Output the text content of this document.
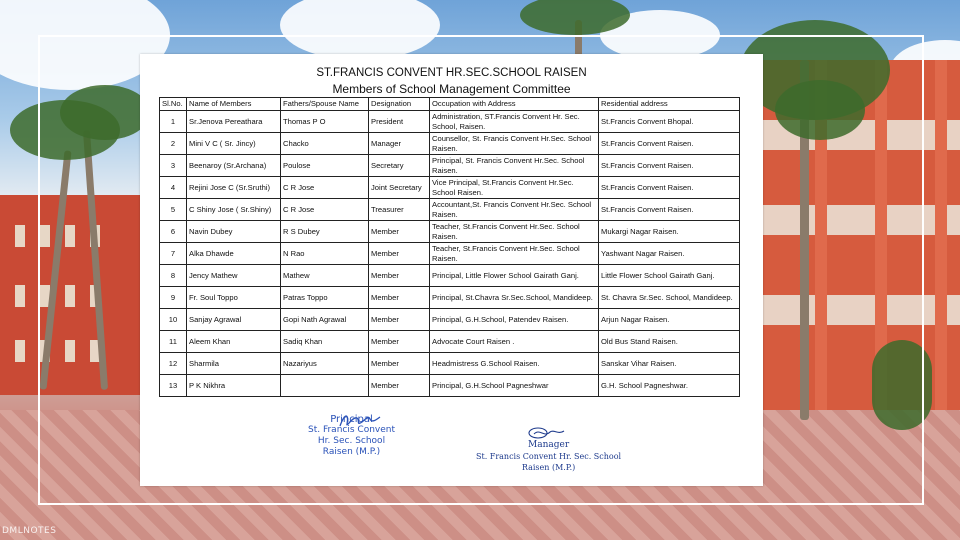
ST.FRANCIS CONVENT HR.SEC.SCHOOL RAISEN
Members of School Management Committee
Sl.No.	Name of Members	Fathers/Spouse Name	Designation	Occupation with Address	Residential address
1	Sr.Jenova Pereathara	Thomas P O	President	Administration, ST.Francis Convent Hr. Sec. School, Raisen.	St.Francis Convent Bhopal.
2	Mini V C ( Sr. Jincy)	Chacko	Manager	Counsellor, St. Francis Convent Hr.Sec. School Raisen.	St.Francis Convent Raisen.
3	Beenaroy (Sr.Archana)	Poulose	Secretary	Principal, St. Francis Convent Hr.Sec. School Raisen.	St.Francis Convent Raisen.
4	Rejini Jose C (Sr.Sruthi)	C R Jose	Joint Secretary	Vice Principal, St.Francis Convent Hr.Sec. School Raisen.	St.Francis Convent Raisen.
5	C Shiny Jose ( Sr.Shiny)	C R Jose	Treasurer	Accountant,St. Francis Convent Hr.Sec. School Raisen.	St.Francis Convent Raisen.
6	Navin Dubey	R S Dubey	Member	Teacher, St.Francis Convent Hr.Sec. School Raisen.	Mukargi Nagar Raisen.
7	Alka Dhawde	N Rao	Member	Teacher, St.Francis Convent Hr.Sec. School Raisen.	Yashwant Nagar Raisen.
8	Jency Mathew	Mathew	Member	Principal, Little Flower School Gairath Ganj.	Little Flower School Gairath Ganj.
9	Fr. Soul Toppo	Patras Toppo	Member	Principal, St.Chavra Sr.Sec.School, Mandideep.	St. Chavra Sr.Sec. School, Mandideep.
10	Sanjay Agrawal	Gopi Nath Agrawal	Member	Principal, G.H.School, Patendev Raisen.	Arjun Nagar Raisen.
11	Aleem Khan	Sadiq Khan	Member	Advocate Court Raisen .	Old Bus Stand Raisen.
12	Sharmila	Nazariyus	Member	Headmistress G.School Raisen.	Sanskar Vihar Raisen.
13	P K Nikhra		Member	Principal, G.H.School Pagneshwar	G.H. School Pagneshwar.
Principal
St. Francis Convent
Hr. Sec. School
Raisen (M.P.)
Manager
St. Francis Convent Hr. Sec. School
Raisen (M.P.)
DMLNOTES
